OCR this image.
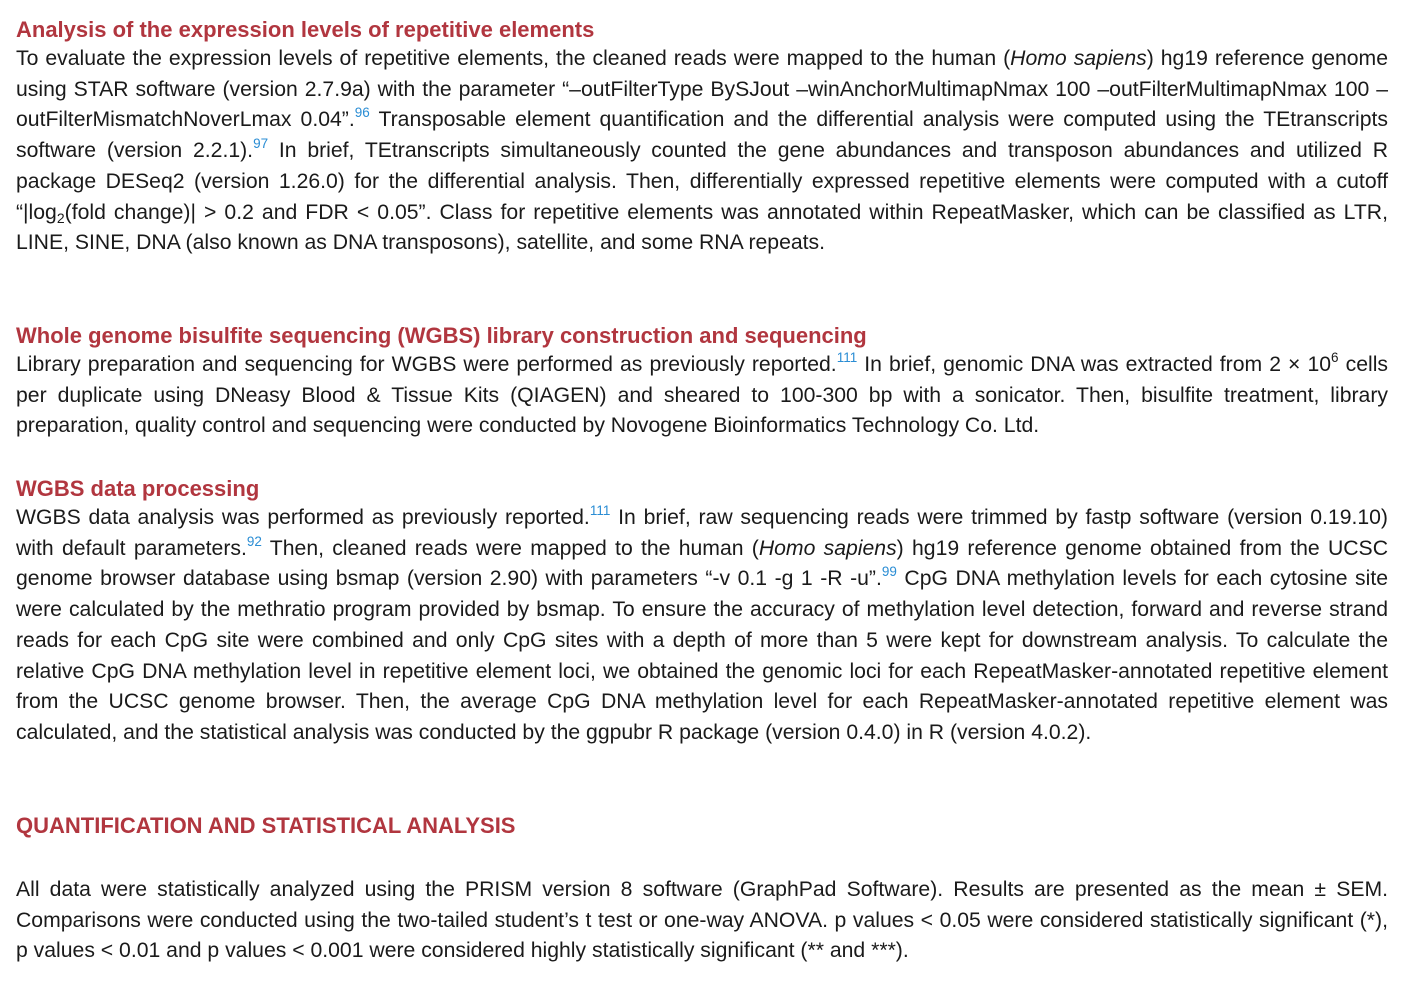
Analysis of the expression levels of repetitive elements

To evaluate the expression levels of repetitive elements, the cleaned reads were mapped to the human (Homo sapiens) hg19 reference genome using STAR software (version 2.7.9a) with the parameter “–outFilterType BySJout –winAnchorMultimapNmax 100 –outFilterMultimapNmax 100 –outFilterMismatchNoverLmax 0.04”.$^{96}$ Transposable element quantification and the differential analysis were computed using the TEtranscripts software (version 2.2.1).$^{97}$ In brief, TEtranscripts simultaneously counted the gene abundances and transposon abundances and utilized R package DESeq2 (version 1.26.0) for the differential analysis. Then, differentially expressed repetitive elements were computed with a cutoff “$|\log_2(fold$ change)| > 0.2 and FDR < 0.05”. Class for repetitive elements was annotated within RepeatMasker, which can be classified as LTR, LINE, SINE, DNA (also known as DNA transposons), satellite, and some RNA repeats.

Whole genome bisulfite sequencing (WGBS) library construction and sequencing

Library preparation and sequencing for WGBS were performed as previously reported.$^{111}$ In brief, genomic DNA was extracted from $2 \times 10^6$ cells per duplicate using DNeasy Blood & Tissue Kits (QIAGEN) and sheared to 100-300 bp with a sonicator. Then, bisulfite treatment, library preparation, quality control and sequencing were conducted by Novogene Bioinformatics Technology Co. Ltd.

WGBS data processing

WGBS data analysis was performed as previously reported.$^{111}$ In brief, raw sequencing reads were trimmed by fastp software (version 0.19.10) with default parameters.$^{92}$ Then, cleaned reads were mapped to the human (Homo sapiens) hg19 reference genome obtained from the UCSC genome browser database using bsmap (version 2.90) with parameters “-v 0.1 -g 1 -R -u”.$^{99}$ CpG DNA methylation levels for each cytosine site were calculated by the methratio program provided by bsmap. To ensure the accuracy of methylation level detection, forward and reverse strand reads for each CpG site were combined and only CpG sites with a depth of more than 5 were kept for downstream analysis. To calculate the relative CpG DNA methylation level in repetitive element loci, we obtained the genomic loci for each RepeatMasker-annotated repetitive element from the UCSC genome browser. Then, the average CpG DNA methylation level for each RepeatMasker-annotated repetitive element was calculated, and the statistical analysis was conducted by the ggpubr R package (version 0.4.0) in R (version 4.0.2).

QUANTIFICATION AND STATISTICAL ANALYSIS

All data were statistically analyzed using the PRISM version 8 software (GraphPad Software). Results are presented as the mean ± SEM. Comparisons were conducted using the two-tailed student’s t test or one-way ANOVA. p values < 0.05 were considered statistically significant (*), p values < 0.01 and p values < 0.001 were considered highly statistically significant (** and ***).
